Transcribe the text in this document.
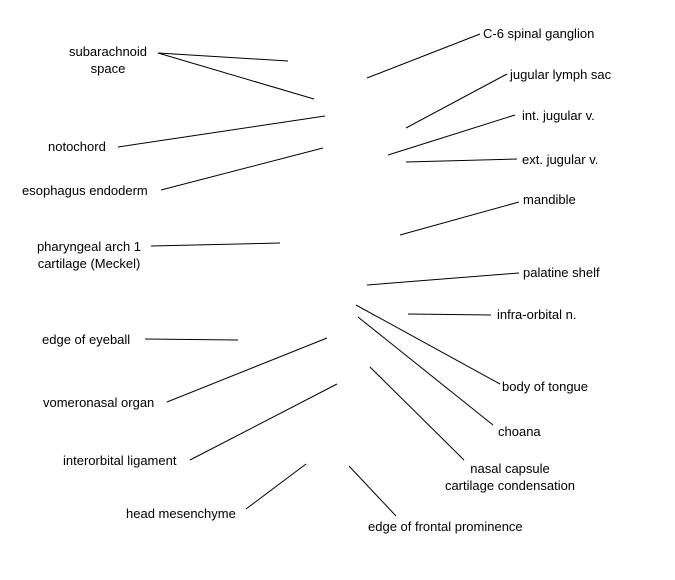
subarachnoid
space
notochord
esophagus endoderm
pharyngeal arch 1
cartilage (Meckel)
edge of eyeball
vomeronasal organ
interorbital ligament
head mesenchyme
C-6 spinal ganglion
jugular lymph sac
int. jugular v.
ext. jugular v.
mandible
palatine shelf
infra-orbital n.
body of tongue
choana
nasal capsule
cartilage condensation
edge of frontal prominence
